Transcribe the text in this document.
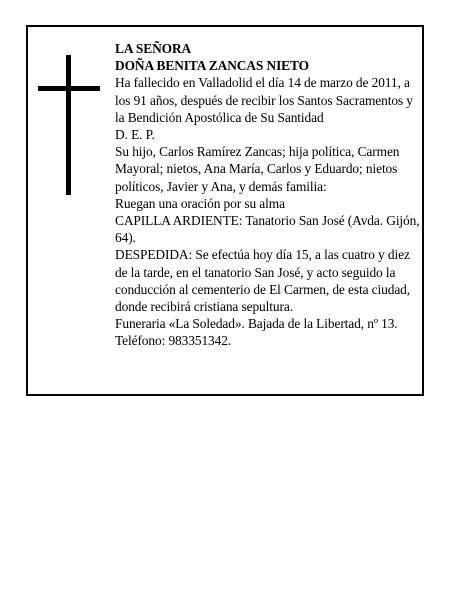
LA SEÑORA

DOÑA BENITA ZANCAS NIETO

Ha fallecido en Valladolid el día 14 de marzo de 2011, a los 91 años, después de recibir los Santos Sacramentos y la Bendición Apostólica de Su Santidad

D. E. P.

Su hijo, Carlos Ramírez Zancas; hija política, Carmen Mayoral; nietos, Ana María, Carlos y Eduardo; nietos políticos, Javier y Ana, y demás familia:

Ruegan una oración por su alma

CAPILLA ARDIENTE: Tanatorio San José (Avda. Gijón, 64).

DESPEDIDA: Se efectúa hoy día 15, a las cuatro y diez de la tarde, en el tanatorio San José, y acto seguido la conducción al cementerio de El Carmen, de esta ciudad, donde recibirá cristiana sepultura.

Funeraria «La Soledad». Bajada de la Libertad, nº 13.

Teléfono: 983351342.
